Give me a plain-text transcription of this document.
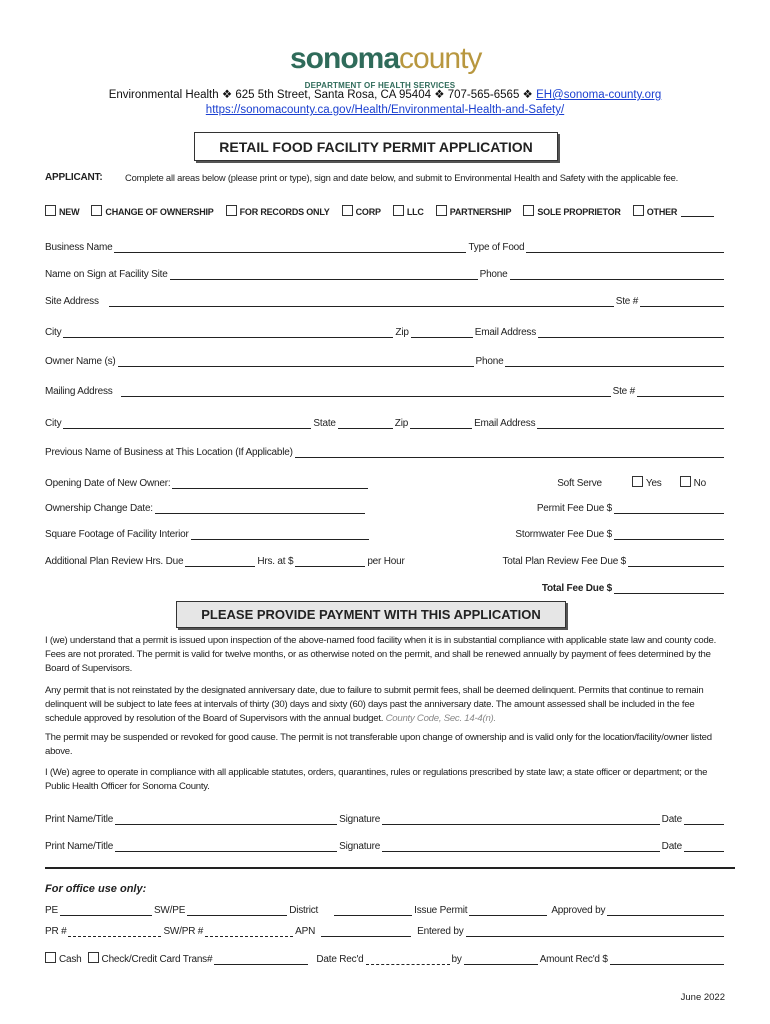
sonomacounty
DEPARTMENT OF HEALTH SERVICES
Environmental Health ❖ 625 5th Street, Santa Rosa, CA 95404 ❖ 707-565-6565 ❖ EH@sonoma-county.org
https://sonomacounty.ca.gov/Health/Environmental-Health-and-Safety/
RETAIL FOOD FACILITY PERMIT APPLICATION
APPLICANT:	Complete all areas below (please print or type), sign and date below, and submit to Environmental Health and Safety with the applicable fee.
NEW	CHANGE OF OWNERSHIP	FOR RECORDS ONLY	CORP	LLC	PARTNERSHIP	SOLE PROPRIETOR	OTHER
Business Name	Type of Food
Name on Sign at Facility Site	Phone
Site Address	Ste #
City	Zip	Email Address
Owner Name (s)	Phone
Mailing Address	Ste #
City	State	Zip	Email Address
Previous Name of Business at This Location (If Applicable)
Opening Date of New Owner:	Soft Serve	Yes	No
Ownership Change Date:	Permit Fee Due $
Square Footage of Facility Interior	Stormwater Fee Due $
Additional Plan Review Hrs. Due	Hrs. at $	per Hour	Total Plan Review Fee Due $
Total Fee Due $
PLEASE PROVIDE PAYMENT WITH THIS APPLICATION
I (we) understand that a permit is issued upon inspection of the above-named food facility when it is in substantial compliance with applicable state law and county code. Fees are not prorated. The permit is valid for twelve months, or as otherwise noted on the permit, and shall be renewed annually by payment of fees determined by the Board of Supervisors.
Any permit that is not reinstated by the designated anniversary date, due to failure to submit permit fees, shall be deemed delinquent. Permits that continue to remain delinquent will be subject to late fees at intervals of thirty (30) days and sixty (60) days past the anniversary date. The amount assessed shall be included in the fee schedule approved by resolution of the Board of Supervisors with the annual budget. County Code, Sec. 14-4(n).
The permit may be suspended or revoked for good cause. The permit is not transferable upon change of ownership and is valid only for the location/facility/owner listed above.
I (We) agree to operate in compliance with all applicable statutes, orders, quarantines, rules or regulations prescribed by state law; a state officer or department; or the Public Health Officer for Sonoma County.
Print Name/Title	Signature	Date
Print Name/Title	Signature	Date
For office use only:
PE	SW/PE	District	Issue Permit	Approved by
PR #	SW/PR #	APN	Entered by
Cash	Check/Credit Card Trans#	Date Rec'd	by	Amount Rec'd $
June 2022
